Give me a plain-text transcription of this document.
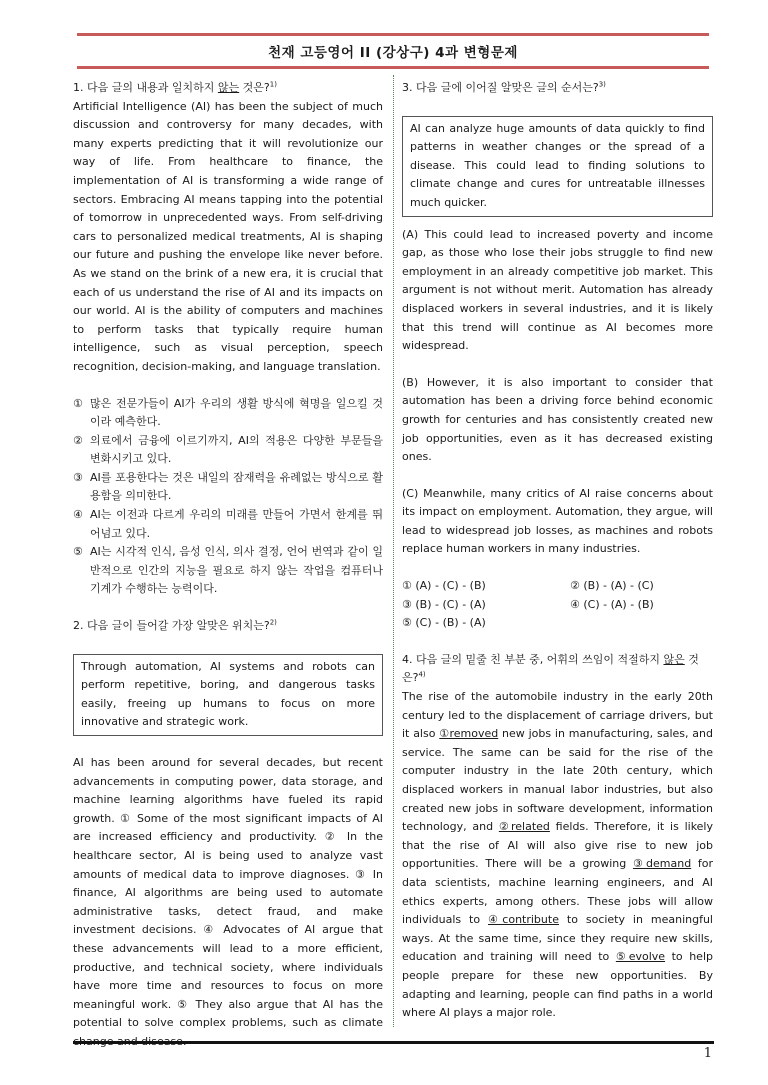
천재 고등영어 II (강상구) 4과 변형문제

1. 다음 글의 내용과 일치하지 않는 것은?$^{1)}$

Artificial Intelligence (AI) has been the subject of much discussion and controversy for many decades, with many experts predicting that it will revolutionize our way of life. From healthcare to finance, the implementation of AI is transforming a wide range of sectors. Embracing AI means tapping into the potential of tomorrow in unprecedented ways. From self-driving cars to personalized medical treatments, AI is shaping our future and pushing the envelope like never before. As we stand on the brink of a new era, it is crucial that each of us understand the rise of AI and its impacts on our world. AI is the ability of computers and machines to perform tasks that typically require human intelligence, such as visual perception, speech recognition, decision-making, and language translation.

① 많은 전문가들이 AI가 우리의 생활 방식에 혁명을 일으킬 것이라 예측한다.
② 의료에서 금융에 이르기까지, AI의 적용은 다양한 부문들을 변화시키고 있다.
③ AI를 포용한다는 것은 내일의 잠재력을 유례없는 방식으로 활용함을 의미한다.
④ AI는 이전과 다르게 우리의 미래를 만들어 가면서 한계를 뛰어넘고 있다.
⑤ AI는 시각적 인식, 음성 인식, 의사 결정, 언어 번역과 같이 일반적으로 인간의 지능을 필요로 하지 않는 작업을 컴퓨터나 기계가 수행하는 능력이다.

2. 다음 글이 들어갈 가장 알맞은 위치는?$^{2)}$

Through automation, AI systems and robots can perform repetitive, boring, and dangerous tasks easily, freeing up humans to focus on more innovative and strategic work.

AI has been around for several decades, but recent advancements in computing power, data storage, and machine learning algorithms have fueled its rapid growth. ① Some of the most significant impacts of AI are increased efficiency and productivity. ② In the healthcare sector, AI is being used to analyze vast amounts of medical data to improve diagnoses. ③ In finance, AI algorithms are being used to automate administrative tasks, detect fraud, and make investment decisions. ④ Advocates of AI argue that these advancements will lead to a more efficient, productive, and technical society, where individuals have more time and resources to focus on more meaningful work. ⑤ They also argue that AI has the potential to solve complex problems, such as climate

3. 다음 글에 이어질 알맞은 글의 순서는?$^{3)}$

AI can analyze huge amounts of data quickly to find patterns in weather changes or the spread of a disease. This could lead to finding solutions to climate change and cures for untreatable illnesses much quicker.

(A) This could lead to increased poverty and income gap, as those who lose their jobs struggle to find new employment in an already competitive job market. This argument is not without merit. Automation has already displaced workers in several industries, and it is likely that this trend will continue as AI becomes more widespread.

(B) However, it is also important to consider that automation has been a driving force behind economic growth for centuries and has consistently created new job opportunities, even as it has decreased existing ones.

(C) Meanwhile, many critics of AI raise concerns about its impact on employment. Automation, they argue, will lead to widespread job losses, as machines and robots replace human workers in many industries.

① (A) - (C) - (B)	② (B) - (A) - (C)
③ (B) - (C) - (A)	④ (C) - (A) - (B)
⑤ (C) - (B) - (A)

4. 다음 글의 밑줄 친 부분 중, 어휘의 쓰임이 적절하지 않은 것은?$^{4)}$

The rise of the automobile industry in the early 20th century led to the displacement of carriage drivers, but it also ①removed new jobs in manufacturing, sales, and service. The same can be said for the rise of the computer industry in the late 20th century, which displaced workers in manual labor industries, but also created new jobs in software development, information technology, and ②related fields. Therefore, it is likely that the rise of AI will also give rise to new job opportunities. There will be a growing ③demand for data scientists, machine learning engineers, and AI ethics experts, among others. These jobs will allow individuals to ④contribute to society in meaningful ways. At the same time, since they require new skills, education and training will need to ⑤evolve to help people prepare for these new opportunities. By adapting and learning, people can find paths in a world where AI plays a major role.

1
